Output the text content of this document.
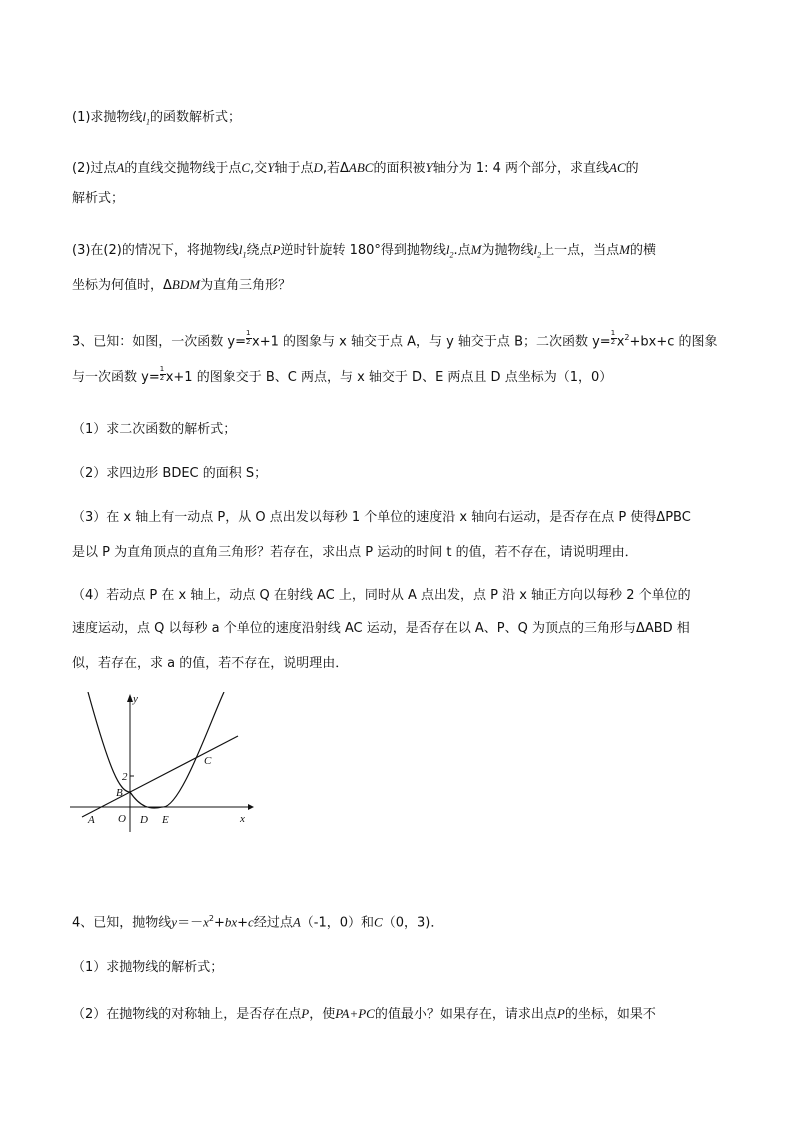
(1)求抛物线$l_1$的函数解析式；
(2)过点A的直线交抛物线于点C,交Y轴于点D,若ΔABC的面积被Y轴分为 1: 4 两个部分，求直线AC的
解析式；
(3)在(2)的情况下，将抛物线$l_1$绕点P逆时针旋转 180°得到抛物线$l_2$.点M为抛物线$l_2$上一点，当点M的横
坐标为何值时，ΔBDM为直角三角形？
3、已知：如图，一次函数 $y= \frac{1}{2} x+1$ 的图象与 x 轴交于点 A，与 y 轴交于点 B；二次函数 $y= \frac{1}{2} x^2+bx+c$ 的图象
与一次函数 $y= \frac{1}{2} x+1$ 的图象交于 B、C 两点，与 x 轴交于 D、E 两点且 D 点坐标为（1，0）
（1）求二次函数的解析式；
（2）求四边形 BDEC 的面积 S；
（3）在 x 轴上有一动点 P，从 O 点出发以每秒 1 个单位的速度沿 x 轴向右运动，是否存在点 P 使得ΔPBC
是以 P 为直角顶点的直角三角形？若存在，求出点 P 运动的时间 t 的值，若不存在，请说明理由．
（4）若动点 P 在 x 轴上，动点 Q 在射线 AC 上，同时从 A 点出发，点 P 沿 x 轴正方向以每秒 2 个单位的
速度运动，点 Q 以每秒 a 个单位的速度沿射线 AC 运动，是否存在以 A、P、Q 为顶点的三角形与ΔABD 相
似，若存在，求 a 的值，若不存在，说明理由．
y
x
A O D E
B
C
2
4、已知，抛物线$y=-x^2+bx+c$经过点A（-1，0）和C（0，3)．
（1）求抛物线的解析式；
（2）在抛物线的对称轴上，是否存在点P，使PA+PC的值最小？如果存在，请求出点P的坐标，如果不
